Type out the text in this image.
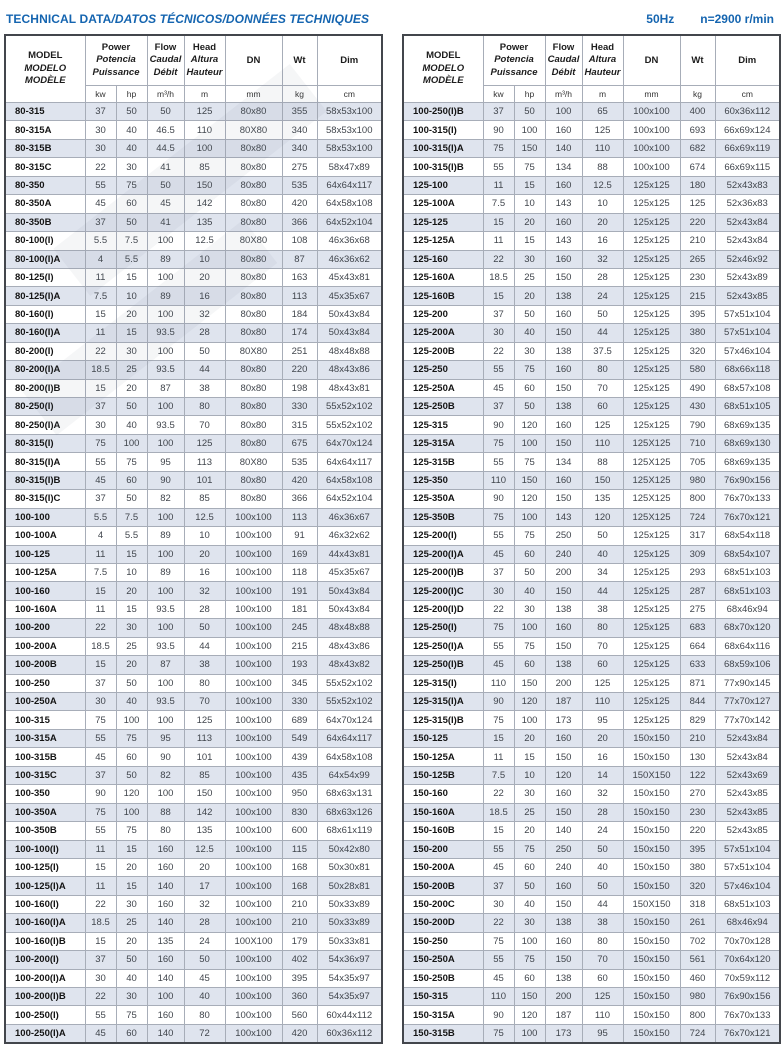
TECHNICAL DATA/DATOS TÉCNICOS/DONNÉES TECHNIQUES	50Hz n=2900 r/min
MODEL
MODELO
MODÈLE	Power
Potencia
Puissance		Flow
Caudal
Débit	Head
Altura
Hauteur	DN	Wt	Dim
	kw	hp	m³/h	m	mm	kg	cm
80-315	37	50	50	125	80x80	355	58x53x100
80-315A	30	40	46.5	110	80X80	340	58x53x100
80-315B	30	40	44.5	100	80x80	340	58x53x100
80-315C	22	30	41	85	80x80	275	58x47x89
80-350	55	75	50	150	80x80	535	64x64x117
80-350A	45	60	45	142	80x80	420	64x58x108
80-350B	37	50	41	135	80x80	366	64x52x104
80-100(I)	5.5	7.5	100	12.5	80X80	108	46x36x68
80-100(I)A	4	5.5	89	10	80x80	87	46x36x62
80-125(I)	11	15	100	20	80x80	163	45x43x81
80-125(I)A	7.5	10	89	16	80x80	113	45x35x67
80-160(I)	15	20	100	32	80x80	184	50x43x84
80-160(I)A	11	15	93.5	28	80x80	174	50x43x84
80-200(I)	22	30	100	50	80X80	251	48x48x88
80-200(I)A	18.5	25	93.5	44	80x80	220	48x43x86
80-200(I)B	15	20	87	38	80x80	198	48x43x81
80-250(I)	37	50	100	80	80x80	330	55x52x102
80-250(I)A	30	40	93.5	70	80x80	315	55x52x102
80-315(I)	75	100	100	125	80x80	675	64x70x124
80-315(I)A	55	75	95	113	80X80	535	64x64x117
80-315(I)B	45	60	90	101	80x80	420	64x58x108
80-315(I)C	37	50	82	85	80x80	366	64x52x104
100-100	5.5	7.5	100	12.5	100x100	113	46x36x67
100-100A	4	5.5	89	10	100x100	91	46x32x62
100-125	11	15	100	20	100x100	169	44x43x81
100-125A	7.5	10	89	16	100x100	118	45x35x67
100-160	15	20	100	32	100x100	191	50x43x84
100-160A	11	15	93.5	28	100x100	181	50x43x84
100-200	22	30	100	50	100x100	245	48x48x88
100-200A	18.5	25	93.5	44	100x100	215	48x43x86
100-200B	15	20	87	38	100x100	193	48x43x82
100-250	37	50	100	80	100x100	345	55x52x102
100-250A	30	40	93.5	70	100x100	330	55x52x102
100-315	75	100	100	125	100x100	689	64x70x124
100-315A	55	75	95	113	100x100	549	64x64x117
100-315B	45	60	90	101	100x100	439	64x58x108
100-315C	37	50	82	85	100x100	435	64x54x99
100-350	90	120	100	150	100x100	950	68x63x131
100-350A	75	100	88	142	100x100	830	68x63x126
100-350B	55	75	80	135	100x100	600	68x61x119
100-100(I)	11	15	160	12.5	100x100	115	50x42x80
100-125(I)	15	20	160	20	100x100	168	50x30x81
100-125(I)A	11	15	140	17	100x100	168	50x28x81
100-160(I)	22	30	160	32	100x100	210	50x33x89
100-160(I)A	18.5	25	140	28	100x100	210	50x33x89
100-160(I)B	15	20	135	24	100X100	179	50x33x81
100-200(I)	37	50	160	50	100x100	402	54x36x97
100-200(I)A	30	40	140	45	100x100	395	54x35x97
100-200(I)B	22	30	100	40	100x100	360	54x35x97
100-250(I)	55	75	160	80	100x100	560	60x44x112
100-250(I)A	45	60	140	72	100x100	420	60x36x112
MODEL
MODELO
MODÈLE	Power
Potencia
Puissance		Flow
Caudal
Débit	Head
Altura
Hauteur	DN	Wt	Dim
	kw	hp	m³/h	m	mm	kg	cm
100-250(I)B	37	50	100	65	100x100	400	60x36x112
100-315(I)	90	100	160	125	100x100	693	66x69x124
100-315(I)A	75	150	140	110	100x100	682	66x69x119
100-315(I)B	55	75	134	88	100x100	674	66x69x115
125-100	11	15	160	12.5	125x125	180	52x43x83
125-100A	7.5	10	143	10	125x125	125	52x36x83
125-125	15	20	160	20	125x125	220	52x43x84
125-125A	11	15	143	16	125x125	210	52x43x84
125-160	22	30	160	32	125x125	265	52x46x92
125-160A	18.5	25	150	28	125x125	230	52x43x89
125-160B	15	20	138	24	125x125	215	52x43x85
125-200	37	50	160	50	125x125	395	57x51x104
125-200A	30	40	150	44	125x125	380	57x51x104
125-200B	22	30	138	37.5	125x125	320	57x46x104
125-250	55	75	160	80	125x125	580	68x66x118
125-250A	45	60	150	70	125x125	490	68x57x108
125-250B	37	50	138	60	125x125	430	68x51x105
125-315	90	120	160	125	125x125	790	68x69x135
125-315A	75	100	150	110	125X125	710	68x69x130
125-315B	55	75	134	88	125X125	705	68x69x135
125-350	110	150	160	150	125X125	980	76x90x156
125-350A	90	120	150	135	125X125	800	76x70x133
125-350B	75	100	143	120	125X125	724	76x70x121
125-200(I)	55	75	250	50	125x125	317	68x54x118
125-200(I)A	45	60	240	40	125x125	309	68x54x107
125-200(I)B	37	50	200	34	125x125	293	68x51x103
125-200(I)C	30	40	150	44	125x125	287	68x51x103
125-200(I)D	22	30	138	38	125x125	275	68x46x94
125-250(I)	75	100	160	80	125x125	683	68x70x120
125-250(I)A	55	75	150	70	125x125	664	68x64x116
125-250(I)B	45	60	138	60	125x125	633	68x59x106
125-315(I)	110	150	200	125	125x125	871	77x90x145
125-315(I)A	90	120	187	110	125x125	844	77x70x127
125-315(I)B	75	100	173	95	125x125	829	77x70x142
150-125	15	20	160	20	150x150	210	52x43x84
150-125A	11	15	150	16	150x150	130	52x43x84
150-125B	7.5	10	120	14	150X150	122	52x43x69
150-160	22	30	160	32	150x150	270	52x43x85
150-160A	18.5	25	150	28	150x150	230	52x43x85
150-160B	15	20	140	24	150x150	220	52x43x85
150-200	55	75	250	50	150x150	395	57x51x104
150-200A	45	60	240	40	150x150	380	57x51x104
150-200B	37	50	160	50	150x150	320	57x46x104
150-200C	30	40	150	44	150X150	318	68x51x103
150-200D	22	30	138	38	150x150	261	68x46x94
150-250	75	100	160	80	150x150	702	70x70x128
150-250A	55	75	150	70	150x150	561	70x64x120
150-250B	45	60	138	60	150x150	460	70x59x112
150-315	110	150	200	125	150x150	980	76x90x156
150-315A	90	120	187	110	150x150	800	76x70x133
150-315B	75	100	173	95	150x150	724	76x70x121
